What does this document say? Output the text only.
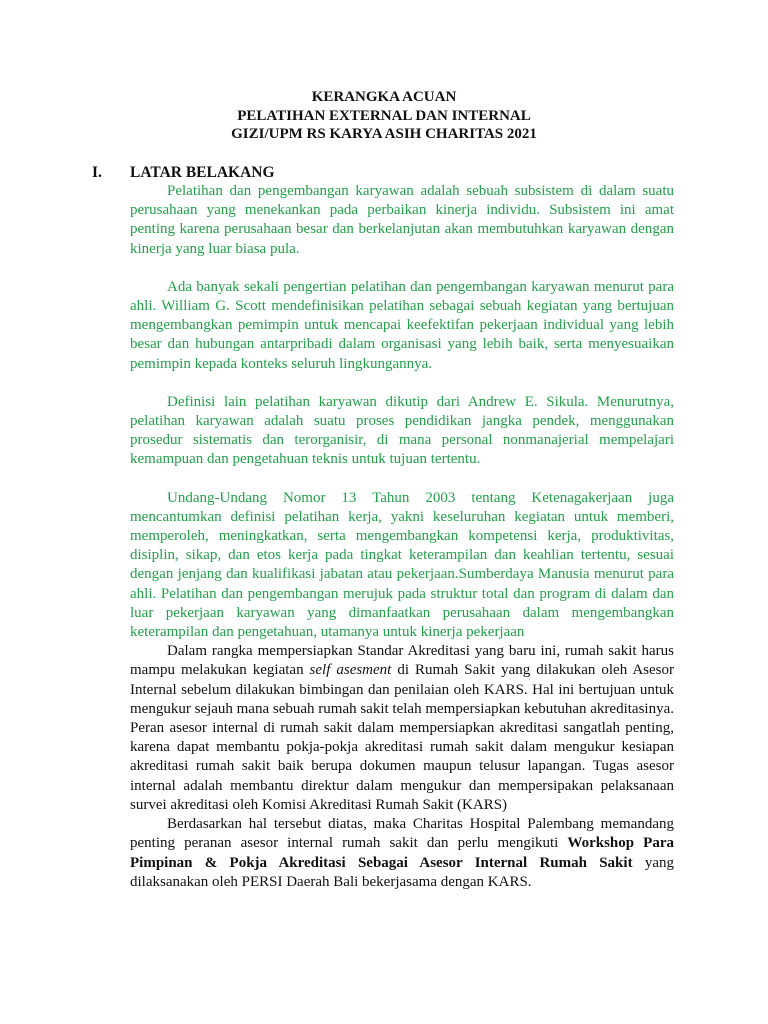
KERANGKA ACUAN
PELATIHAN EXTERNAL DAN INTERNAL
GIZI/UPM RS KARYA ASIH CHARITAS 2021
I. LATAR BELAKANG

Pelatihan dan pengembangan karyawan adalah sebuah subsistem di dalam suatu perusahaan yang menekankan pada perbaikan kinerja individu. Subsistem ini amat penting karena perusahaan besar dan berkelanjutan akan membutuhkan karyawan dengan kinerja yang luar biasa pula.

Ada banyak sekali pengertian pelatihan dan pengembangan karyawan menurut para ahli. William G. Scott mendefinisikan pelatihan sebagai sebuah kegiatan yang bertujuan mengembangkan pemimpin untuk mencapai keefektifan pekerjaan individual yang lebih besar dan hubungan antarpribadi dalam organisasi yang lebih baik, serta menyesuaikan pemimpin kepada konteks seluruh lingkungannya.

Definisi lain pelatihan karyawan dikutip dari Andrew E. Sikula. Menurutnya, pelatihan karyawan adalah suatu proses pendidikan jangka pendek, menggunakan prosedur sistematis dan terorganisir, di mana personal nonmanajerial mempelajari kemampuan dan pengetahuan teknis untuk tujuan tertentu.

Undang-Undang Nomor 13 Tahun 2003 tentang Ketenagakerjaan juga mencantumkan definisi pelatihan kerja, yakni keseluruhan kegiatan untuk memberi, memperoleh, meningkatkan, serta mengembangkan kompetensi kerja, produktivitas, disiplin, sikap, dan etos kerja pada tingkat keterampilan dan keahlian tertentu, sesuai dengan jenjang dan kualifikasi jabatan atau pekerjaan.Sumberdaya Manusia menurut para ahli. Pelatihan dan pengembangan merujuk pada struktur total dan program di dalam dan luar pekerjaan karyawan yang dimanfaatkan perusahaan dalam mengembangkan keterampilan dan pengetahuan, utamanya untuk kinerja pekerjaan

Dalam rangka mempersiapkan Standar Akreditasi yang baru ini, rumah sakit harus mampu melakukan kegiatan self asesment di Rumah Sakit yang dilakukan oleh Asesor Internal sebelum dilakukan bimbingan dan penilaian oleh KARS. Hal ini bertujuan untuk mengukur sejauh mana sebuah rumah sakit telah mempersiapkan kebutuhan akreditasinya. Peran asesor internal di rumah sakit dalam mempersiapkan akreditasi sangatlah penting, karena dapat membantu pokja-pokja akreditasi rumah sakit dalam mengukur kesiapan akreditasi rumah sakit baik berupa dokumen maupun telusur lapangan. Tugas asesor internal adalah membantu direktur dalam mengukur dan mempersipakan pelaksanaan survei akreditasi oleh Komisi Akreditasi Rumah Sakit (KARS)

Berdasarkan hal tersebut diatas, maka Charitas Hospital Palembang memandang penting peranan asesor internal rumah sakit dan perlu mengikuti Workshop Para Pimpinan & Pokja Akreditasi Sebagai Asesor Internal Rumah Sakit yang dilaksanakan oleh PERSI Daerah Bali bekerjasama dengan KARS.
